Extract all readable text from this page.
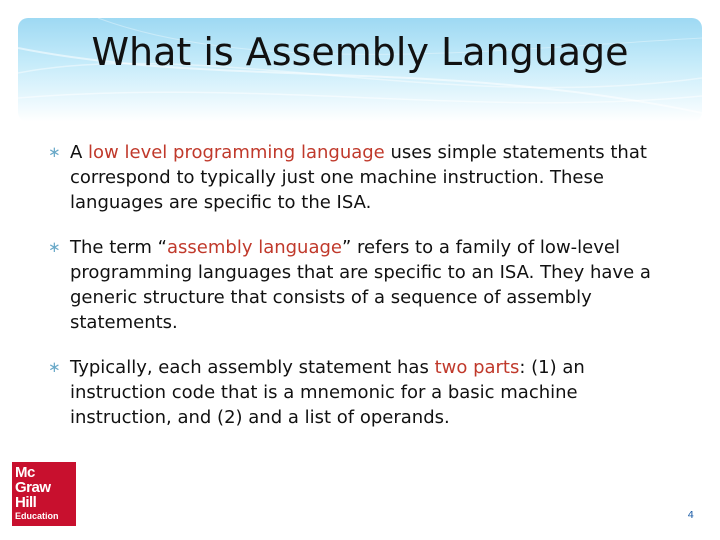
What is Assembly Language
∗ A low level programming language uses simple statements that correspond to typically just one machine instruction. These languages are specific to the ISA.
∗ The term “assembly language” refers to a family of low-level programming languages that are specific to an ISA. They have a generic structure that consists of a sequence of assembly statements.
∗ Typically, each assembly statement has two parts: (1) an instruction code that is a mnemonic for a basic machine instruction, and (2) and a list of operands.
Mc
Graw
Hill
Education	4
